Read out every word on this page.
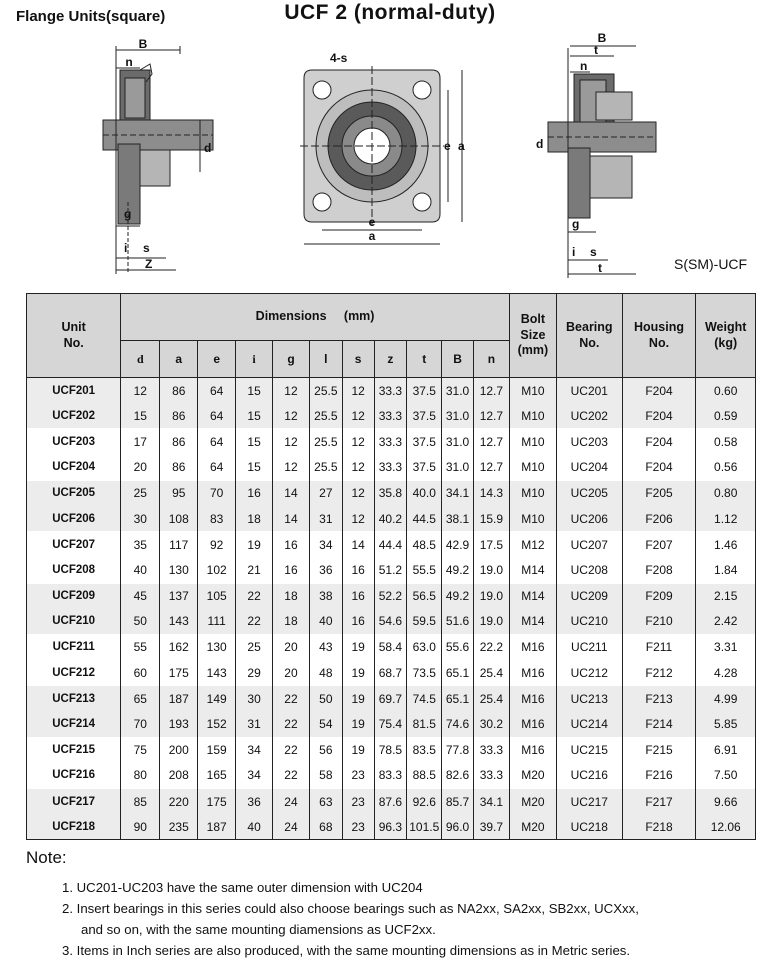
Flange Units(square)	UCF 2 (normal-duty)
B
n
d
g
i s
Z
4-s
e
a
e a
B
t
n
d
g
i s
t	S(SM)-UCF
Unit
No.	Dimensions (mm)											Bolt
Size
(mm)	Bearing
No.	Housing
No.	Weight
(kg)
	d	a	e	i	g	l	s	z	t	B	n				
UCF201	12	86	64	15	12	25.5	12	33.3	37.5	31.0	12.7	M10	UC201	F204	0.60
UCF202	15	86	64	15	12	25.5	12	33.3	37.5	31.0	12.7	M10	UC202	F204	0.59
UCF203	17	86	64	15	12	25.5	12	33.3	37.5	31.0	12.7	M10	UC203	F204	0.58
UCF204	20	86	64	15	12	25.5	12	33.3	37.5	31.0	12.7	M10	UC204	F204	0.56
UCF205	25	95	70	16	14	27	12	35.8	40.0	34.1	14.3	M10	UC205	F205	0.80
UCF206	30	108	83	18	14	31	12	40.2	44.5	38.1	15.9	M10	UC206	F206	1.12
UCF207	35	117	92	19	16	34	14	44.4	48.5	42.9	17.5	M12	UC207	F207	1.46
UCF208	40	130	102	21	16	36	16	51.2	55.5	49.2	19.0	M14	UC208	F208	1.84
UCF209	45	137	105	22	18	38	16	52.2	56.5	49.2	19.0	M14	UC209	F209	2.15
UCF210	50	143	111	22	18	40	16	54.6	59.5	51.6	19.0	M14	UC210	F210	2.42
UCF211	55	162	130	25	20	43	19	58.4	63.0	55.6	22.2	M16	UC211	F211	3.31
UCF212	60	175	143	29	20	48	19	68.7	73.5	65.1	25.4	M16	UC212	F212	4.28
UCF213	65	187	149	30	22	50	19	69.7	74.5	65.1	25.4	M16	UC213	F213	4.99
UCF214	70	193	152	31	22	54	19	75.4	81.5	74.6	30.2	M16	UC214	F214	5.85
UCF215	75	200	159	34	22	56	19	78.5	83.5	77.8	33.3	M16	UC215	F215	6.91
UCF216	80	208	165	34	22	58	23	83.3	88.5	82.6	33.3	M20	UC216	F216	7.50
UCF217	85	220	175	36	24	63	23	87.6	92.6	85.7	34.1	M20	UC217	F217	9.66
UCF218	90	235	187	40	24	68	23	96.3	101.5	96.0	39.7	M20	UC218	F218	12.06
Note:
1. UC201-UC203 have the same outer dimension with UC204
2. Insert bearings in this series could also choose bearings such as NA2xx, SA2xx, SB2xx, UCXxx,
and so on, with the same mounting diamensions as UCF2xx.
3. Items in Inch series are also produced, with the same mounting dimensions as in Metric series.
